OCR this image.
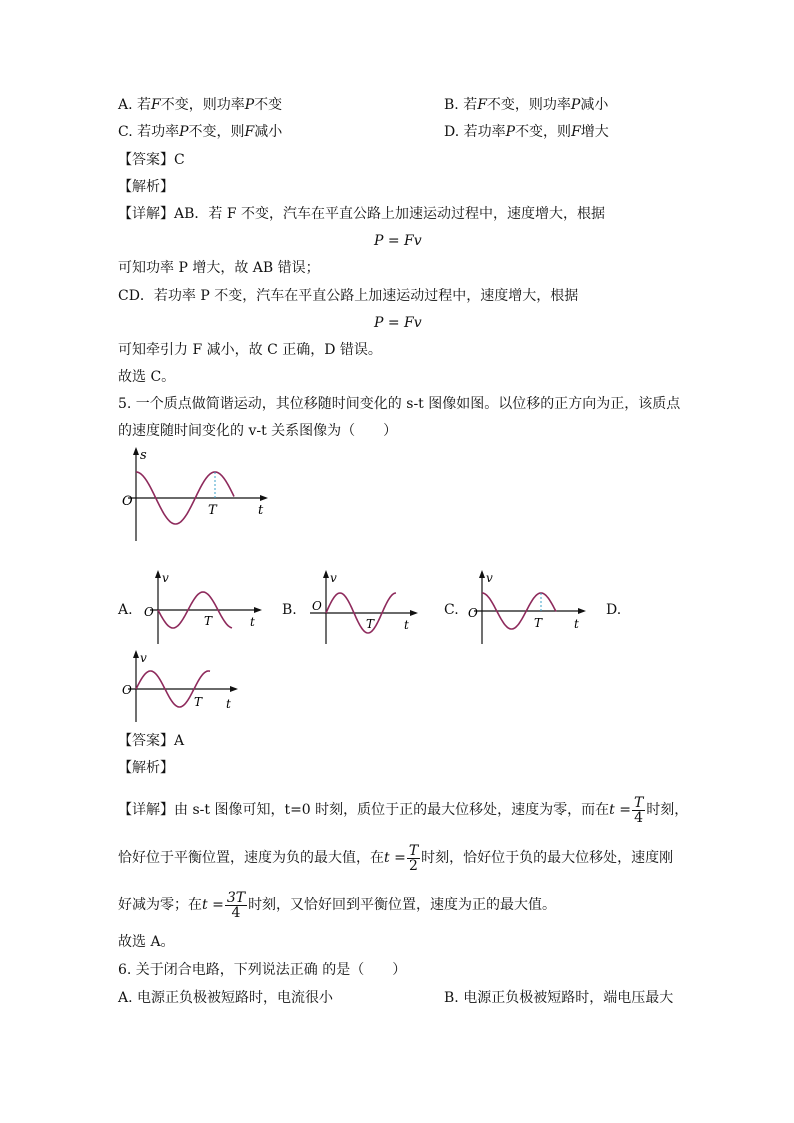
A. 若F不变，则功率P不变	B. 若F不变，则功率P减小
C. 若功率P不变，则F减小	D. 若功率P不变，则F增大
【答案】C
【解析】
【详解】AB．若 F 不变，汽车在平直公路上加速运动过程中，速度增大，根据
P = Fv
可知功率 P 增大，故 AB 错误；
CD．若功率 P 不变，汽车在平直公路上加速运动过程中，速度增大，根据
P = Fv
可知牵引力 F 减小，故 C 正确，D 错误。
故选 C。
5. 一个质点做简谐运动，其位移随时间变化的 s-t 图像如图。以位移的正方向为正，该质点
的速度随时间变化的 v-t 关系图像为（　　）
s
O
T	t
A.
v
O
T	t
B.
v
O
T t
C.
v
O
T	t
D.
v
O
T t
【答案】A
【解析】
【详解】由 s-t 图像可知，t=0 时刻，质位于正的最大位移处，速度为零，而在$t = \frac{T}{4}$ 时刻，
恰好位于平衡位置，速度为负的最大值，在$t = \frac{T}{2}$ 时刻，恰好位于负的最大位移处，速度刚
好减为零；在$t = \frac{3T}{4}$ 时刻，又恰好回到平衡位置，速度为正的最大值。
故选 A。
6. 关于闭合电路，下列说法正确 的是（　　）
A. 电源正负极被短路时，电流很小	B. 电源正负极被短路时，端电压最大
